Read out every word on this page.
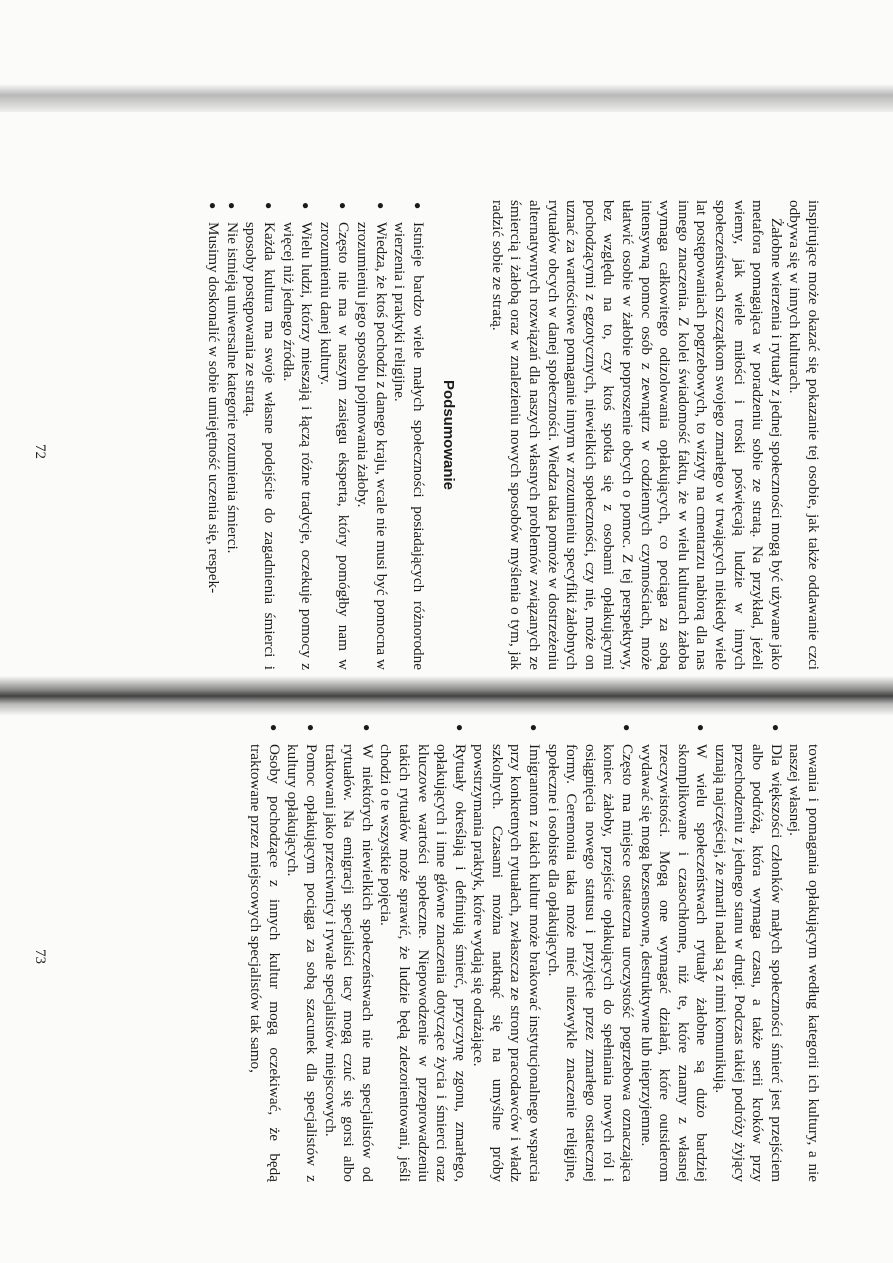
inspirujące może okazać się pokazanie tej osobie, jak także oddawanie czci odbywa się w innych kulturach.

Żałobne wierzenia i rytuały z jednej społeczności mogą być używane jako metafora pomagająca w poradzeniu sobie ze stratą. Na przykład, jeżeli wiemy, jak wiele miłości i troski poświęcają ludzie w innych społeczeństwach szczątkom swojego zmarłego w trwających niekiedy wiele lat postępowaniach pogrzebowych, to wizyty na cmentarzu nabiorą dla nas innego znaczenia. Z kolei świadomość faktu, że w wielu kulturach żałoba wymaga całkowitego odizolowania opłakujących, co pociąga za sobą intensywną pomoc osób z zewnątrz w codziennych czynnościach, może ułatwić osobie w żałobie poproszenie obcych o pomoc. Z tej perspektywy, bez względu na to, czy ktoś spotka się z osobami opłakującymi pochodzącymi z egzotycznych, niewielkich społeczności, czy nie, może on uznać za wartościowe pomaganie innym w zrozumieniu specyfiki żałobnych rytuałów obcych w danej społeczności. Wiedza taka pomoże w dostrzeżeniu alternatywnych rozwiązań dla naszych własnych problemów związanych ze śmiercią i żałobą oraz w znalezieniu nowych sposobów myślenia o tym, jak radzić sobie ze stratą.

Podsumowanie
● Istnieje bardzo wiele małych społeczności posiadających różnorodne wierzenia i praktyki religijne.
● Wiedza, że ktoś pochodzi z danego kraju, wcale nie musi być pomocna w zrozumieniu jego sposobu pojmowania żałoby.
● Często nie ma w naszym zasięgu eksperta, który pomógłby nam w zrozumieniu danej kultury.
● Wielu ludzi, którzy mieszają i łączą różne tradycje, oczekuje pomocy z więcej niż jednego źródła.
● Każda kultura ma swoje własne podejście do zagadnienia śmierci i sposoby postępowania ze stratą.
● Nie istnieją uniwersalne kategorie rozumienia śmierci.
● Musimy doskonalić w sobie umiejętność uczenia się, respek-
72

towania i pomagania opłakującym według kategorii ich kultury, a nie naszej własnej.

● Dla większości członków małych społeczności śmierć jest przejściem albo podróżą, która wymaga czasu, a także serii kroków przy przechodzeniu z jednego stanu w drugi. Podczas takiej podróży żyjący uznają najczęściej, że zmarli nadal są z nimi komunikują.
● W wielu społeczeństwach rytuały żałobne są dużo bardziej skomplikowane i czasochłonne, niż te, które znamy z własnej rzeczywistości. Mogą one wymagać działań, które outsiderom wydawać się mogą bezsensowne, destruktywne lub nieprzyjemne.
● Często ma miejsce ostateczna uroczystość pogrzebowa oznaczająca koniec żałoby, przejście opłakujących do spełniania nowych ról i osiągnięcia nowego statusu i przyjęcie przez zmarłego ostatecznej formy. Ceremonia taka może mieć niezwykle znaczenie religijne, społeczne i osobiste dla opłakujących.
● Imigrantom z takich kultur może brakować instytucjonalnego wsparcia przy konkretnych rytuałach, zwłaszcza ze strony pracodawców i władz szkolnych. Czasami można natknąć się na umyślne próby powstrzymania praktyk, które wydają się odrażające.
● Rytuały określają i definiują śmierć, przyczynę zgonu, zmarłego, opłakujących i inne główne znaczenia dotyczące życia i śmierci oraz kluczowe wartości społeczne. Niepowodzenie w przeprowadzeniu takich rytuałów może sprawić, że ludzie będą zdezorientowani, jeśli chodzi o te wszystkie pojęcia.
● W niektórych niewielkich społeczeństwach nie ma specjalistów od rytuałów. Na emigracji specjaliści tacy mogą czuć się gorsi albo traktowani jako przeciwnicy i rywale specjalistów miejscowych.
● Pomoc opłakującym pociąga za sobą szacunek dla specjalistów z kultury opłakujących.
● Osoby pochodzące z innych kultur mogą oczekiwać, że będą traktowane przez miejscowych specjalistów tak samo,
73
